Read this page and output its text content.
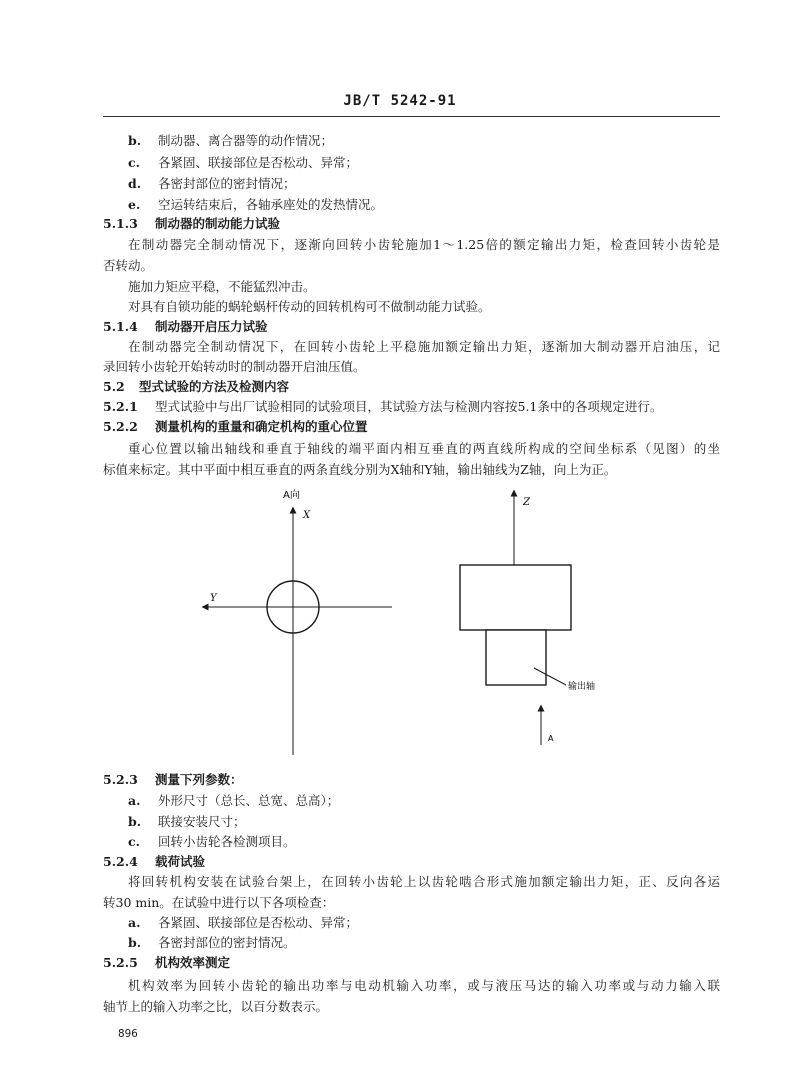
JB/T 5242-91
b. 制动器、离合器等的动作情况；
c. 各紧固、联接部位是否松动、异常；
d. 各密封部位的密封情况；
e. 空运转结束后，各轴承座处的发热情况。
5.1.3 制动器的制动能力试验
在制动器完全制动情况下，逐渐向回转小齿轮施加1～1.25倍的额定输出力矩，检查回转小齿轮是
否转动。
施加力矩应平稳，不能猛烈冲击。
对具有自锁功能的蜗轮蜗杆传动的回转机构可不做制动能力试验。
5.1.4 制动器开启压力试验
在制动器完全制动情况下，在回转小齿轮上平稳施加额定输出力矩，逐渐加大制动器开启油压，记
录回转小齿轮开始转动时的制动器开启油压值。
5.2 型式试验的方法及检测内容
5.2.1 型式试验中与出厂试验相同的试验项目，其试验方法与检测内容按5.1条中的各项规定进行。
5.2.2 测量机构的重量和确定机构的重心位置
重心位置以输出轴线和垂直于轴线的端平面内相互垂直的两直线所构成的空间坐标系（见图）的坐
标值来标定。其中平面中相互垂直的两条直线分别为X轴和Y轴，输出轴线为Z轴，向上为正。
A向
X
Y
Z
输出轴
A
5.2.3 测量下列参数：
a. 外形尺寸（总长、总宽、总高）；
b. 联接安装尺寸；
c. 回转小齿轮各检测项目。
5.2.4 载荷试验
将回转机构安装在试验台架上，在回转小齿轮上以齿轮啮合形式施加额定输出力矩，正、反向各运
转30 min。在试验中进行以下各项检查：
a. 各紧固、联接部位是否松动、异常；
b. 各密封部位的密封情况。
5.2.5 机构效率测定
机构效率为回转小齿轮的输出功率与电动机输入功率，或与液压马达的输入功率或与动力输入联
轴节上的输入功率之比，以百分数表示。
896
